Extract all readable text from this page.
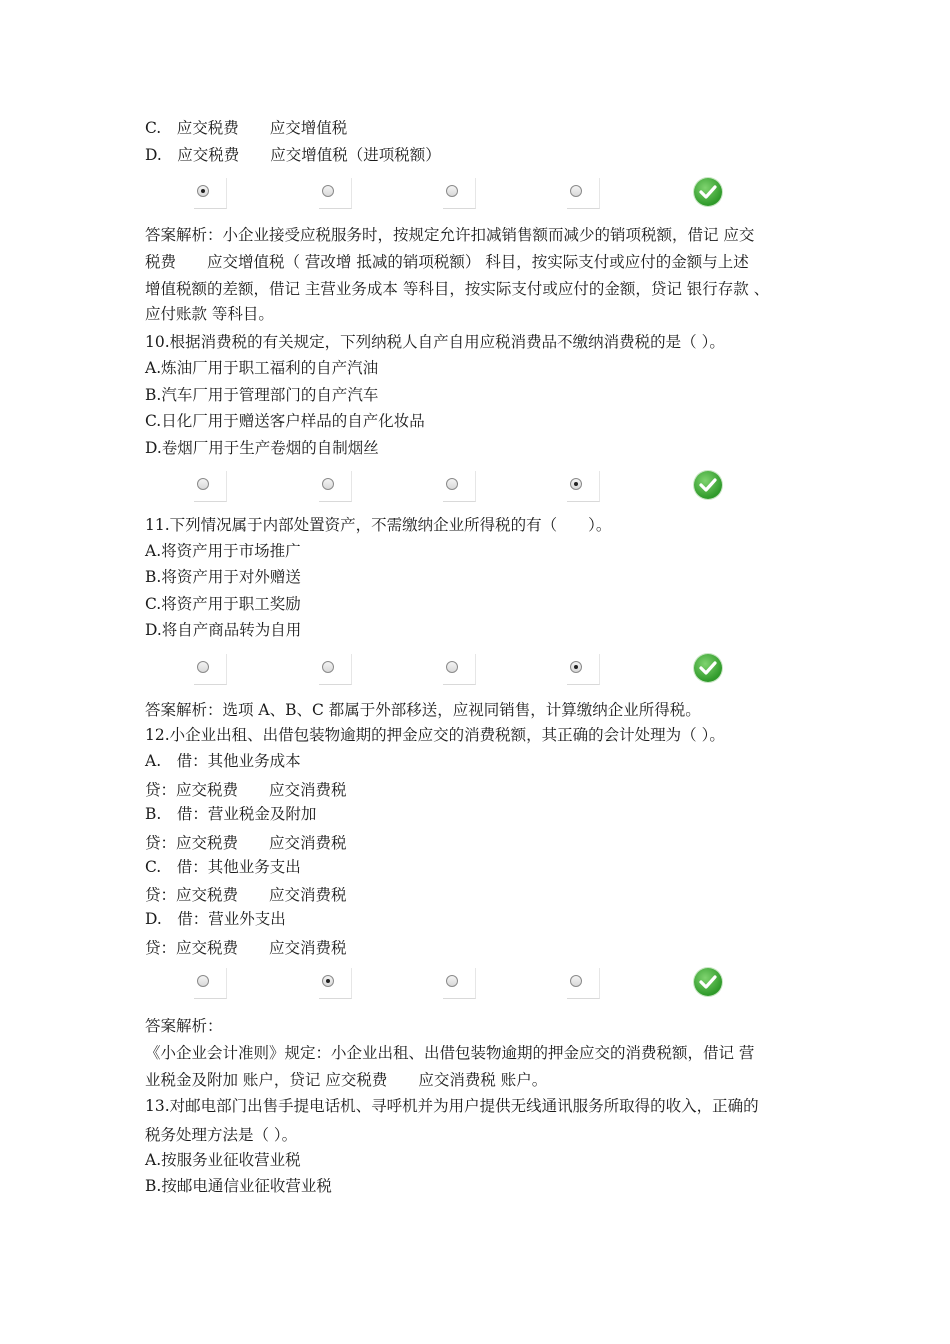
C.　应交税费　　应交增值税
D.　应交税费　　应交增值税（进项税额）
答案解析：小企业接受应税服务时，按规定允许扣减销售额而减少的销项税额，借记 应交
税费　　应交增值税（ 营改增 抵减的销项税额） 科目，按实际支付或应付的金额与上述
增值税额的差额，借记 主营业务成本 等科目，按实际支付或应付的金额，贷记 银行存款 、
应付账款 等科目。
10.根据消费税的有关规定，下列纳税人自产自用应税消费品不缴纳消费税的是（ ）。
A.炼油厂用于职工福利的自产汽油
B.汽车厂用于管理部门的自产汽车
C.日化厂用于赠送客户样品的自产化妆品
D.卷烟厂用于生产卷烟的自制烟丝
11.下列情况属于内部处置资产，不需缴纳企业所得税的有（　　）。
A.将资产用于市场推广
B.将资产用于对外赠送
C.将资产用于职工奖励
D.将自产商品转为自用
答案解析：选项 A、B、C 都属于外部移送，应视同销售，计算缴纳企业所得税。
12.小企业出租、出借包装物逾期的押金应交的消费税额，其正确的会计处理为（ ）。
A.　借：其他业务成本
贷：应交税费　　应交消费税
B.　借：营业税金及附加
贷：应交税费　　应交消费税
C.　借：其他业务支出
贷：应交税费　　应交消费税
D.　借：营业外支出
贷：应交税费　　应交消费税
答案解析：
《小企业会计准则》规定：小企业出租、出借包装物逾期的押金应交的消费税额，借记 营
业税金及附加 账户，贷记 应交税费　　应交消费税 账户。
13.对邮电部门出售手提电话机、寻呼机并为用户提供无线通讯服务所取得的收入，正确的
税务处理方法是（ ）。
A.按服务业征收营业税
B.按邮电通信业征收营业税
